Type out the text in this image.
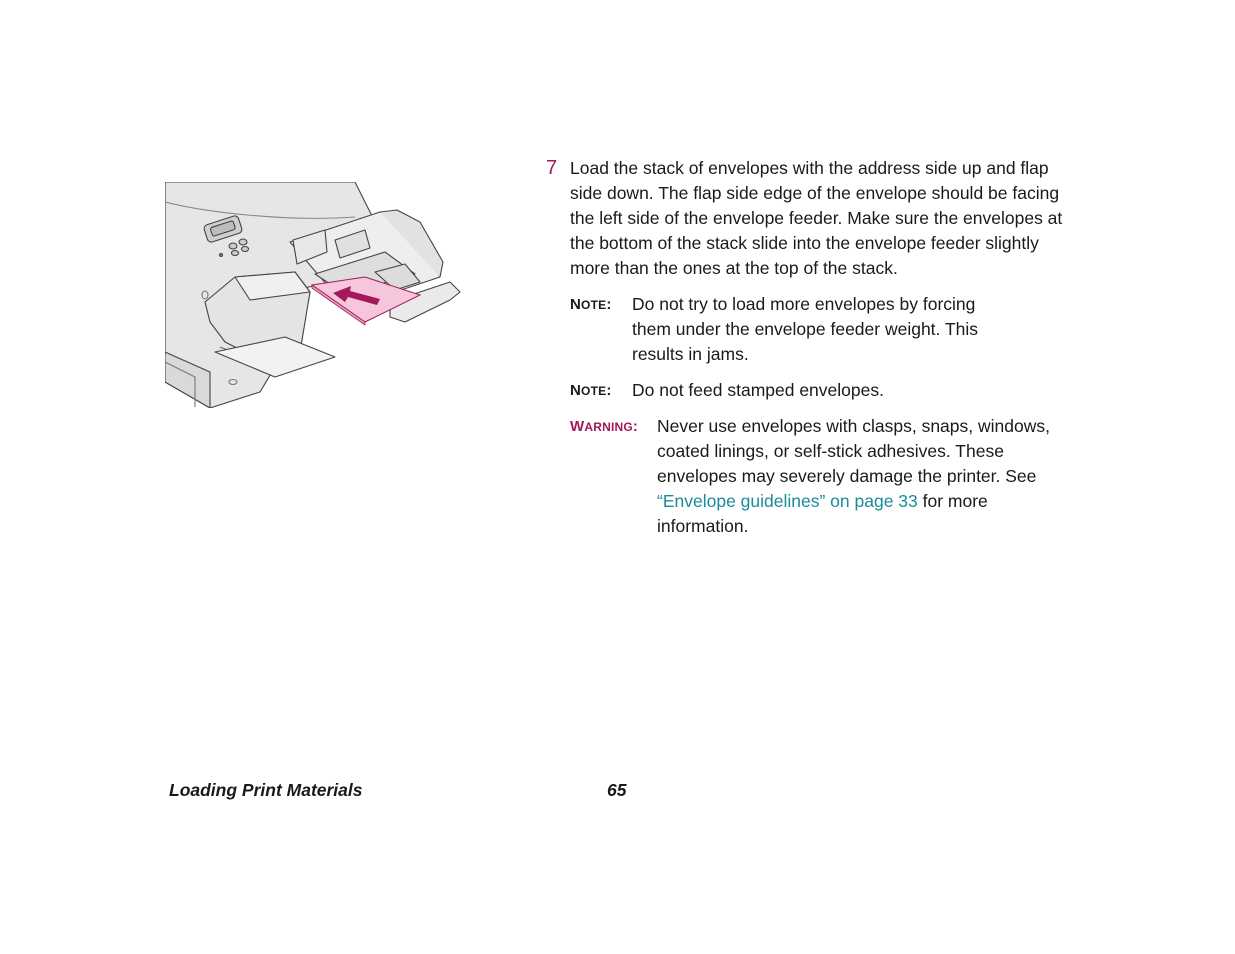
7 Load the stack of envelopes with the address side up and flap side down. The flap side edge of the envelope should be facing the left side of the envelope feeder. Make sure the envelopes at the bottom of the stack slide into the envelope feeder slightly more than the ones at the top of the stack.
NOTE: Do not try to load more envelopes by forcing them under the envelope feeder weight. This results in jams.
NOTE: Do not feed stamped envelopes.
WARNING: Never use envelopes with clasps, snaps, windows, coated linings, or self-stick adhesives. These envelopes may severely damage the printer. See “Envelope guidelines” on page 33 for more information.
Loading Print Materials	65
